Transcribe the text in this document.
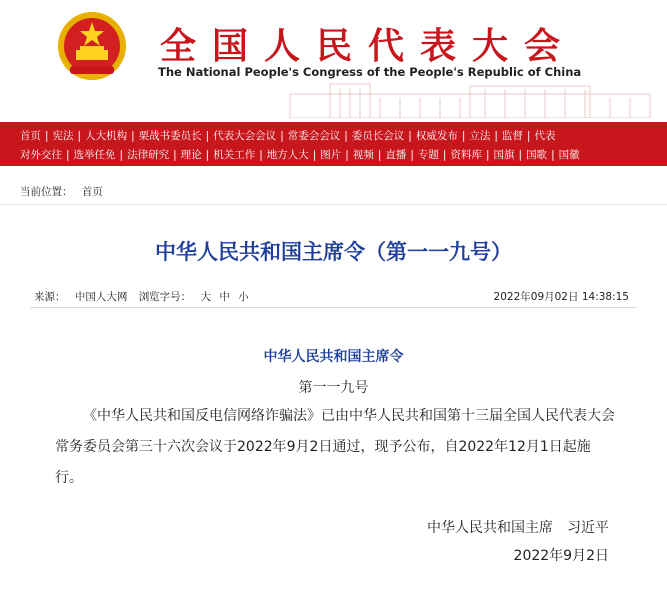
全国人民代表大会
The National People's Congress of the People's Republic of China
首页 | 宪法 | 人大机构 | 栗战书委员长 | 代表大会会议 | 常委会会议 | 委员长会议 | 权威发布 | 立法 | 监督 | 代表
对外交往 | 选举任免 | 法律研究 | 理论 | 机关工作 | 地方人大 | 图片 | 视频 | 直播 | 专题 | 资料库 | 国旗 | 国歌 | 国徽
当前位置： 首页
中华人民共和国主席令（第一一九号）
来源： 中国人大网 浏览字号： 大 中 小	2022年09月02日 14:38:15
中华人民共和国主席令
第一一九号
《中华人民共和国反电信网络诈骗法》已由中华人民共和国第十三届全国人民代表大会常务委员会第三十六次会议于2022年9月2日通过，现予公布，自2022年12月1日起施行。
中华人民共和国主席 习近平
2022年9月2日
